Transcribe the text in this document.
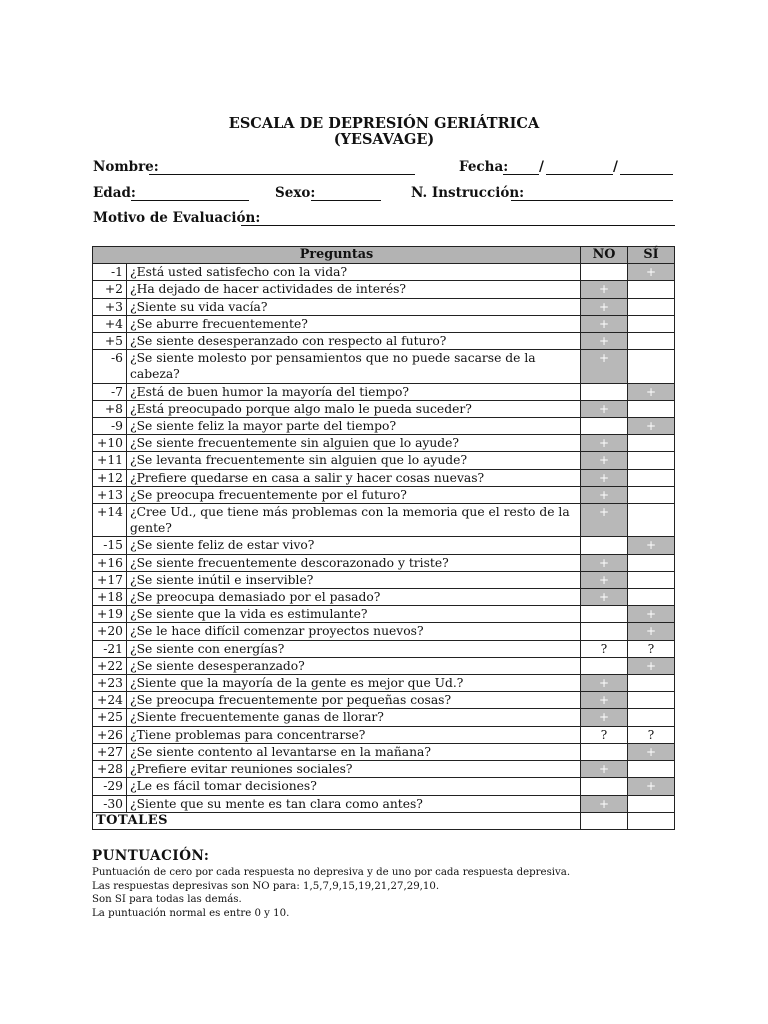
ESCALA DE DEPRESIÓN GERIÁTRICA
(YESAVAGE)
Nombre:	Fecha: /	/
Edad:	Sexo:	N. Instrucción:
Motivo de Evaluación:
Preguntas		NO	SÍ
-1	¿Está usted satisfecho con la vida?		+
+2	¿Ha dejado de hacer actividades de interés?	+	
+3	¿Siente su vida vacía?	+	
+4	¿Se aburre frecuentemente?	+	
+5	¿Se siente desesperanzado con respecto al futuro?	+	
-6	¿Se siente molesto por pensamientos que no puede sacarse de la cabeza?	+	
-7	¿Está de buen humor la mayoría del tiempo?		+
+8	¿Está preocupado porque algo malo le pueda suceder?	+	
-9	¿Se siente feliz la mayor parte del tiempo?		+
+10	¿Se siente frecuentemente sin alguien que lo ayude?	+	
+11	¿Se levanta frecuentemente sin alguien que lo ayude?	+	
+12	¿Prefiere quedarse en casa a salir y hacer cosas nuevas?	+	
+13	¿Se preocupa frecuentemente por el futuro?	+	
+14	¿Cree Ud., que tiene más problemas con la memoria que el resto de la gente?	+	
-15	¿Se siente feliz de estar vivo?		+
+16	¿Se siente frecuentemente descorazonado y triste?	+	
+17	¿Se siente inútil e inservible?	+	
+18	¿Se preocupa demasiado por el pasado?	+	
+19	¿Se siente que la vida es estimulante?		+
+20	¿Se le hace difícil comenzar proyectos nuevos?		+
-21	¿Se siente con energías?	?	?
+22	¿Se siente desesperanzado?		+
+23	¿Siente que la mayoría de la gente es mejor que Ud.?	+	
+24	¿Se preocupa frecuentemente por pequeñas cosas?	+	
+25	¿Siente frecuentemente ganas de llorar?	+	
+26	¿Tiene problemas para concentrarse?	?	?
+27	¿Se siente contento al levantarse en la mañana?		+
+28	¿Prefiere evitar reuniones sociales?	+	
-29	¿Le es fácil tomar decisiones?		+
-30	¿Siente que su mente es tan clara como antes?	+	
TOTALES			
PUNTUACIÓN:
Puntuación de cero por cada respuesta no depresiva y de uno por cada respuesta depresiva.
Las respuestas depresivas son NO para: 1,5,7,9,15,19,21,27,29,10.
Son SI para todas las demás.
La puntuación normal es entre 0 y 10.
